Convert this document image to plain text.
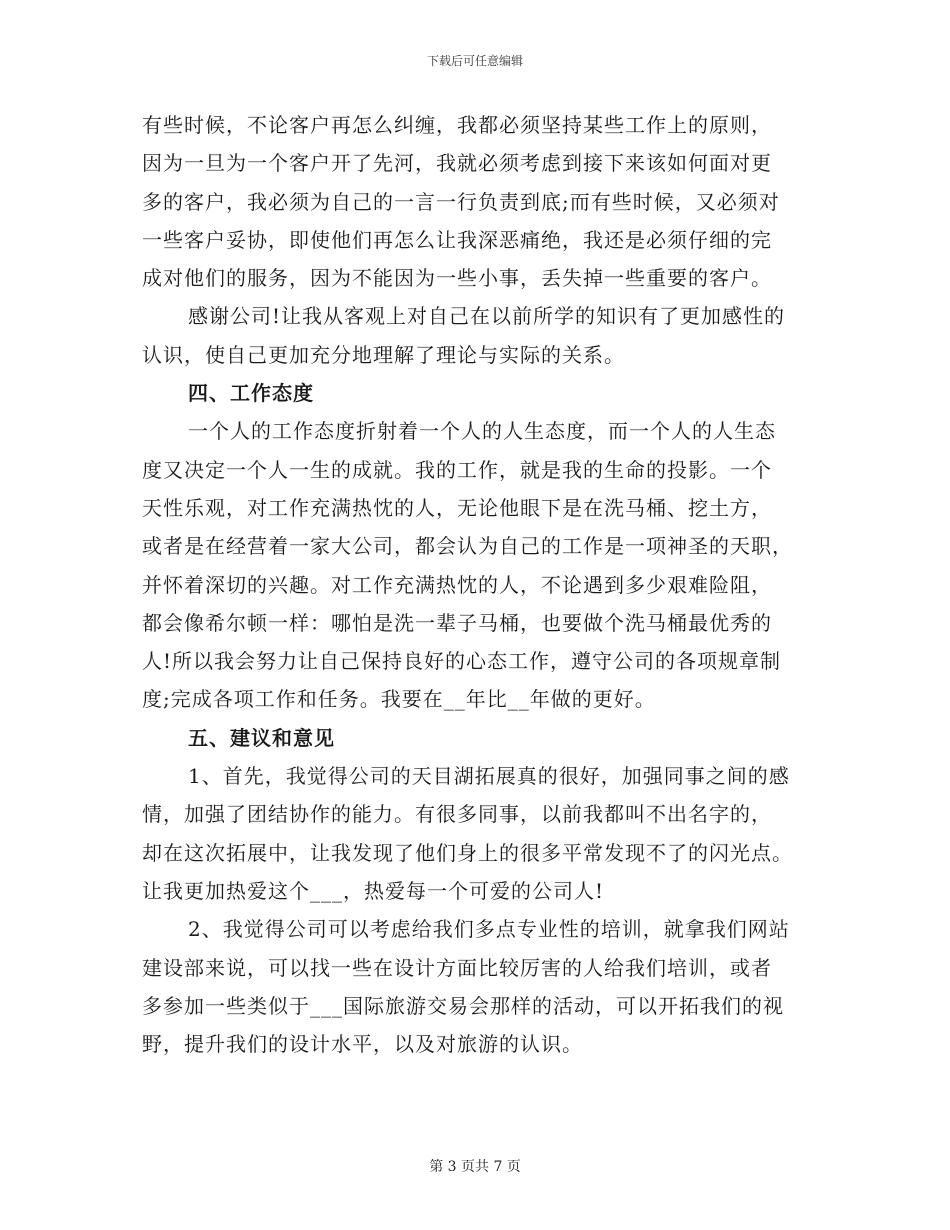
下载后可任意编辑
有些时候，不论客户再怎么纠缠，我都必须坚持某些工作上的原则，
因为一旦为一个客户开了先河，我就必须考虑到接下来该如何面对更
多的客户，我必须为自己的一言一行负责到底;而有些时候，又必须对
一些客户妥协，即使他们再怎么让我深恶痛绝，我还是必须仔细的完
成对他们的服务，因为不能因为一些小事，丢失掉一些重要的客户。
感谢公司!让我从客观上对自己在以前所学的知识有了更加感性的
认识，使自己更加充分地理解了理论与实际的关系。
四、工作态度
一个人的工作态度折射着一个人的人生态度，而一个人的人生态
度又决定一个人一生的成就。我的工作，就是我的生命的投影。一个
天性乐观，对工作充满热忱的人，无论他眼下是在洗马桶、挖土方，
或者是在经营着一家大公司，都会认为自己的工作是一项神圣的天职，
并怀着深切的兴趣。对工作充满热忱的人，不论遇到多少艰难险阻，
都会像希尔顿一样：哪怕是洗一辈子马桶，也要做个洗马桶最优秀的
人!所以我会努力让自己保持良好的心态工作，遵守公司的各项规章制
度;完成各项工作和任务。我要在__年比__年做的更好。
五、建议和意见
1、首先，我觉得公司的天目湖拓展真的很好，加强同事之间的感
情，加强了团结协作的能力。有很多同事，以前我都叫不出名字的，
却在这次拓展中，让我发现了他们身上的很多平常发现不了的闪光点。
让我更加热爱这个___，热爱每一个可爱的公司人!
2、我觉得公司可以考虑给我们多点专业性的培训，就拿我们网站
建设部来说，可以找一些在设计方面比较厉害的人给我们培训，或者
多参加一些类似于___国际旅游交易会那样的活动，可以开拓我们的视
野，提升我们的设计水平，以及对旅游的认识。
第 3 页共 7 页
